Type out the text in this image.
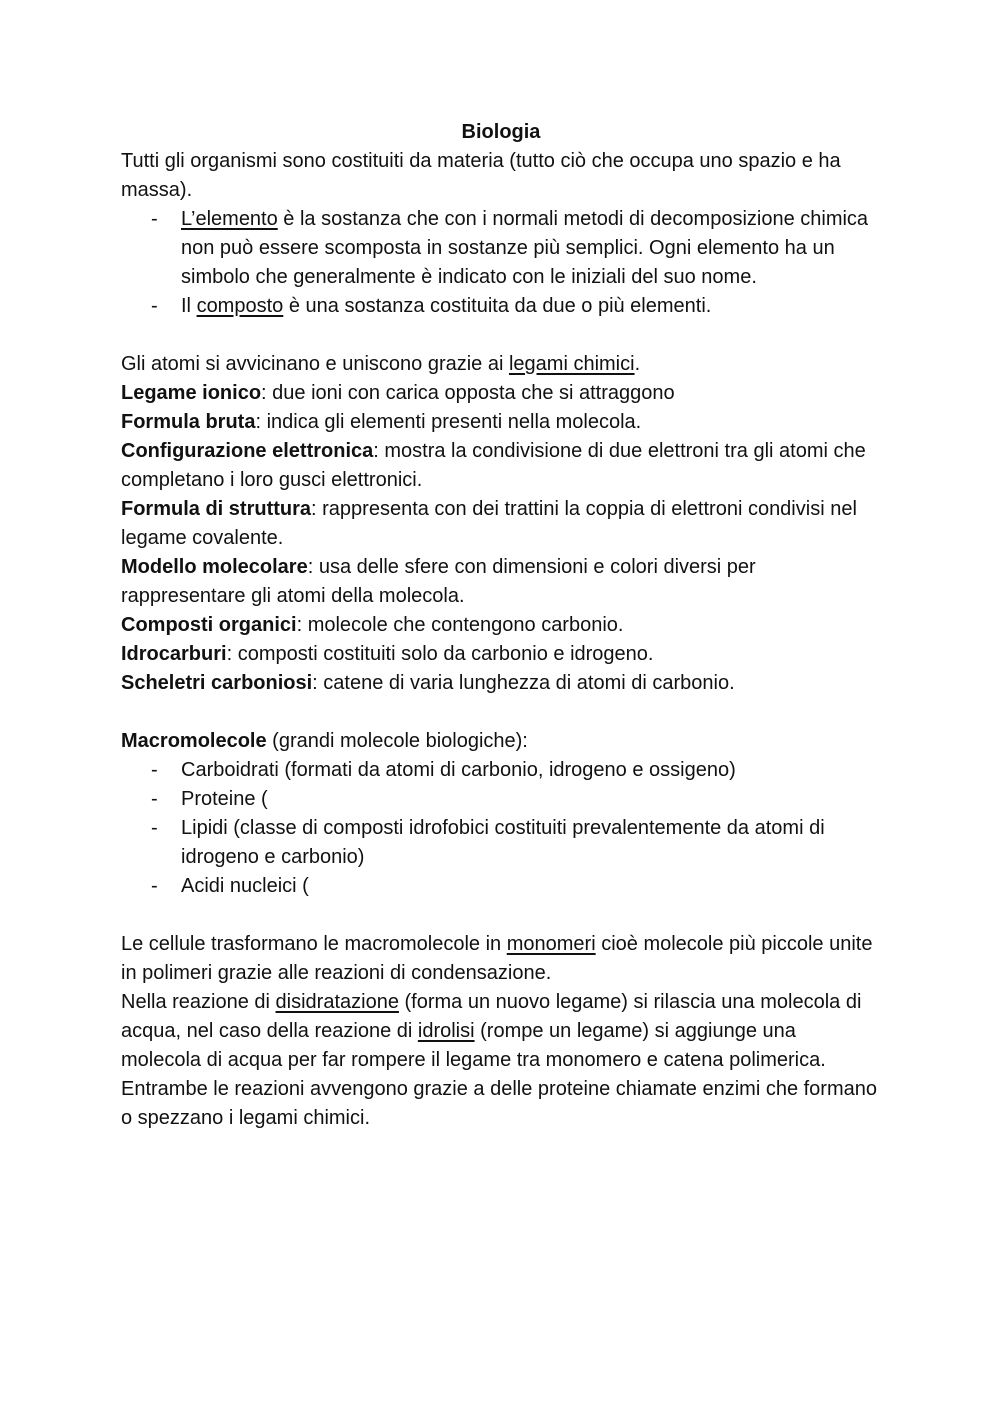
Biologia

Tutti gli organismi sono costituiti da materia (tutto ciò che occupa uno spazio e ha massa).

- L’elemento è la sostanza che con i normali metodi di decomposizione chimica non può essere scomposta in sostanze più semplici. Ogni elemento ha un simbolo che generalmente è indicato con le iniziali del suo nome.
- Il composto è una sostanza costituita da due o più elementi.

Gli atomi si avvicinano e uniscono grazie ai legami chimici.

Legame ionico: due ioni con carica opposta che si attraggono

Formula bruta: indica gli elementi presenti nella molecola.

Configurazione elettronica: mostra la condivisione di due elettroni tra gli atomi che completano i loro gusci elettronici.

Formula di struttura: rappresenta con dei trattini la coppia di elettroni condivisi nel legame covalente.

Modello molecolare: usa delle sfere con dimensioni e colori diversi per rappresentare gli atomi della molecola.

Composti organici: molecole che contengono carbonio.

Idrocarburi: composti costituiti solo da carbonio e idrogeno.

Scheletri carboniosi: catene di varia lunghezza di atomi di carbonio.

Macromolecole (grandi molecole biologiche):

- Carboidrati (formati da atomi di carbonio, idrogeno e ossigeno)
- Proteine (
- Lipidi (classe di composti idrofobici costituiti prevalentemente da atomi di idrogeno e carbonio)
- Acidi nucleici (

Le cellule trasformano le macromolecole in monomeri cioè molecole più piccole unite in polimeri grazie alle reazioni di condensazione.

Nella reazione di disidratazione (forma un nuovo legame) si rilascia una molecola di acqua, nel caso della reazione di idrolisi (rompe un legame) si aggiunge una molecola di acqua per far rompere il legame tra monomero e catena polimerica. Entrambe le reazioni avvengono grazie a delle proteine chiamate enzimi che formano o spezzano i legami chimici.
